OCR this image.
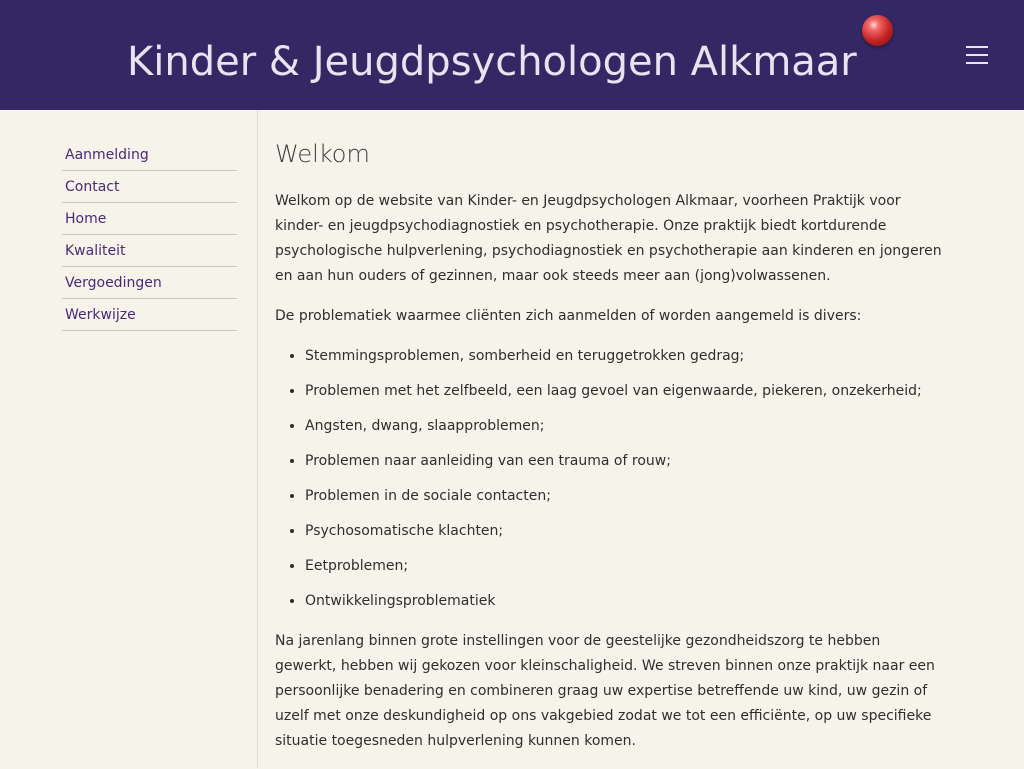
Kinder & Jeugdpsychologen Alkmaar
Aanmelding
Contact
Home
Kwaliteit
Vergoedingen
Werkwijze
Welkom

Welkom op de website van Kinder- en Jeugdpsychologen Alkmaar, voorheen Praktijk voor kinder- en jeugdpsychodiagnostiek en psychotherapie. Onze praktijk biedt kortdurende psychologische hulpverlening, psychodiagnostiek en psychotherapie aan kinderen en jongeren en aan hun ouders of gezinnen, maar ook steeds meer aan (jong)volwassenen.

De problematiek waarmee cliënten zich aanmelden of worden aangemeld is divers:

• Stemmingsproblemen, somberheid en teruggetrokken gedrag;
• Problemen met het zelfbeeld, een laag gevoel van eigenwaarde, piekeren, onzekerheid;
• Angsten, dwang, slaapproblemen;
• Problemen naar aanleiding van een trauma of rouw;
• Problemen in de sociale contacten;
• Psychosomatische klachten;
• Eetproblemen;
• Ontwikkelingsproblematiek

Na jarenlang binnen grote instellingen voor de geestelijke gezondheidszorg te hebben gewerkt, hebben wij gekozen voor kleinschaligheid. We streven binnen onze praktijk naar een persoonlijke benadering en combineren graag uw expertise betreffende uw kind, uw gezin of uzelf met onze deskundigheid op ons vakgebied zodat we tot een efficiënte, op uw specifieke situatie toegesneden hulpverlening kunnen komen.
